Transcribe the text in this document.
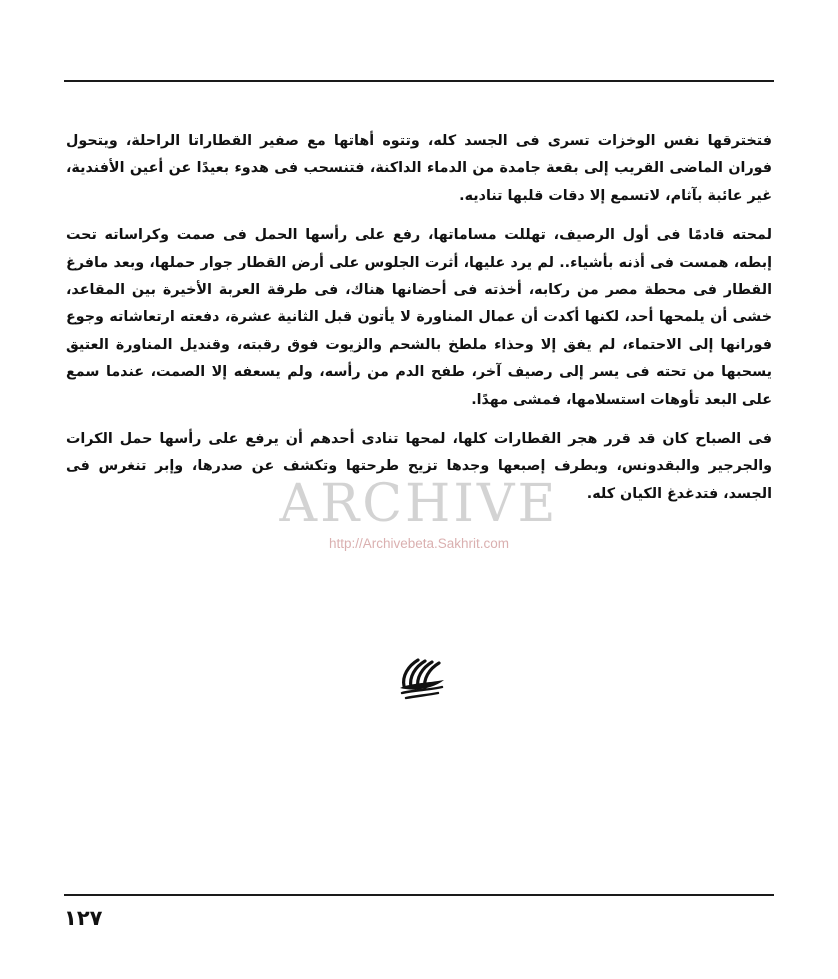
فتخترقها نفس الوخزات تسرى فى الجسد كله، وتتوه أهاتها مع صفير القطاراتا الراحلة، ويتحول فوران الماضى القريب إلى بقعة جامدة من الدماء الداكنة، فتنسحب فى هدوء بعيدًا عن أعين الأفندية، غير عائبة بآثام، لاتسمع إلا دقات قلبها تناديه.

لمحته قادمًا فى أول الرصيف، تهللت مساماتها، رفع على رأسها الحمل فى صمت وكراساته تحت إبطه، همست فى أذنه بأشياء.. لم يرد عليها، أثرت الجلوس على أرض القطار جوار حملها، وبعد مافرغ القطار فى محطة مصر من ركابه، أخذته فى أحضانها هناك، فى طرقة العربة الأخيرة بين المقاعد، خشى أن يلمحها أحد، لكنها أكدت أن عمال المناورة لا يأتون قبل الثانية عشرة، دفعته ارتعاشاته وجوع فورانها إلى الاحتماء، لم يفق إلا وحذاء ملطخ بالشحم والزيوت فوق رقبته، وقنديل المناورة العتيق يسحبها من تحته فى يسر إلى رصيف آخر، طفح الدم من رأسه، ولم يسعفه إلا الصمت، عندما سمع على البعد تأوهات استسلامها، فمشى مهدًا.

فى الصباح كان قد قرر هجر القطارات كلها، لمحها تنادى أحدهم أن يرفع على رأسها حمل الكرات والجرجير والبقدونس، وبطرف إصبعها وجدها تزيح طرحتها وتكشف عن صدرها، وإبر تنغرس فى الجسد، فتدغدغ الكيان كله.

ARCHIVE
http://Archivebeta.Sakhrit.com
١٢٧
